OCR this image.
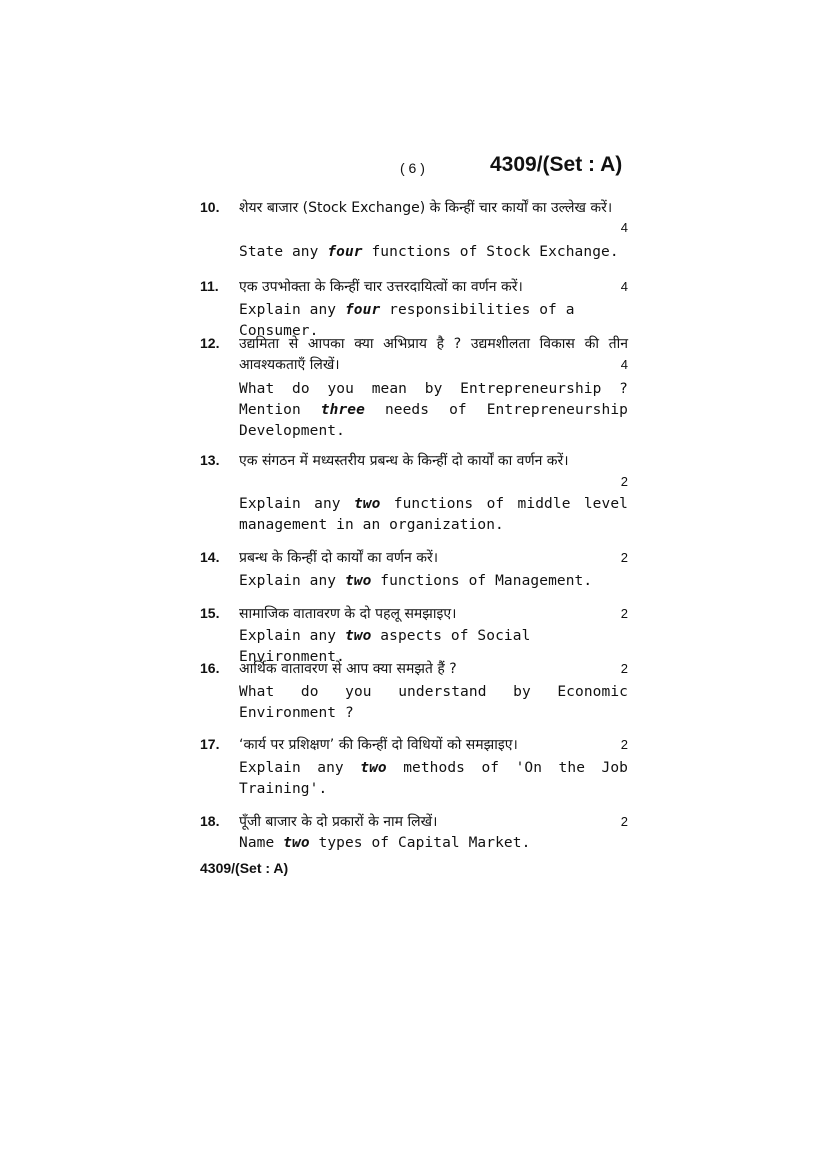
( 6 )	4309/(Set : A)
10. शेयर बाजार (Stock Exchange) के किन्हीं चार कार्यों का उल्लेख करें।
4
State any four functions of Stock Exchange.
11. एक उपभोक्ता के किन्हीं चार उत्तरदायित्वों का वर्णन करें।	4
Explain any four responsibilities of a Consumer.
12. उद्यमिता से आपका क्या अभिप्राय है ? उद्यमशीलता विकास की तीन आवश्यकताएँ लिखें।	4
What do you mean by Entrepreneurship ? Mention three needs of Entrepreneurship Development.
13. एक संगठन में मध्यस्तरीय प्रबन्ध के किन्हीं दो कार्यों का वर्णन करें।
2
Explain any two functions of middle level management in an organization.
14. प्रबन्ध के किन्हीं दो कार्यों का वर्णन करें।	2
Explain any two functions of Management.
15. सामाजिक वातावरण के दो पहलू समझाइए।	2
Explain any two aspects of Social Environment.
16. आर्थिक वातावरण से आप क्या समझते हैं ?	2
What do you understand by Economic Environment ?
17. ‘कार्य पर प्रशिक्षण’ की किन्हीं दो विधियों को समझाइए।	2
Explain any two methods of 'On the Job Training'.
18. पूँजी बाजार के दो प्रकारों के नाम लिखें।	2
Name two types of Capital Market.
4309/(Set : A)
